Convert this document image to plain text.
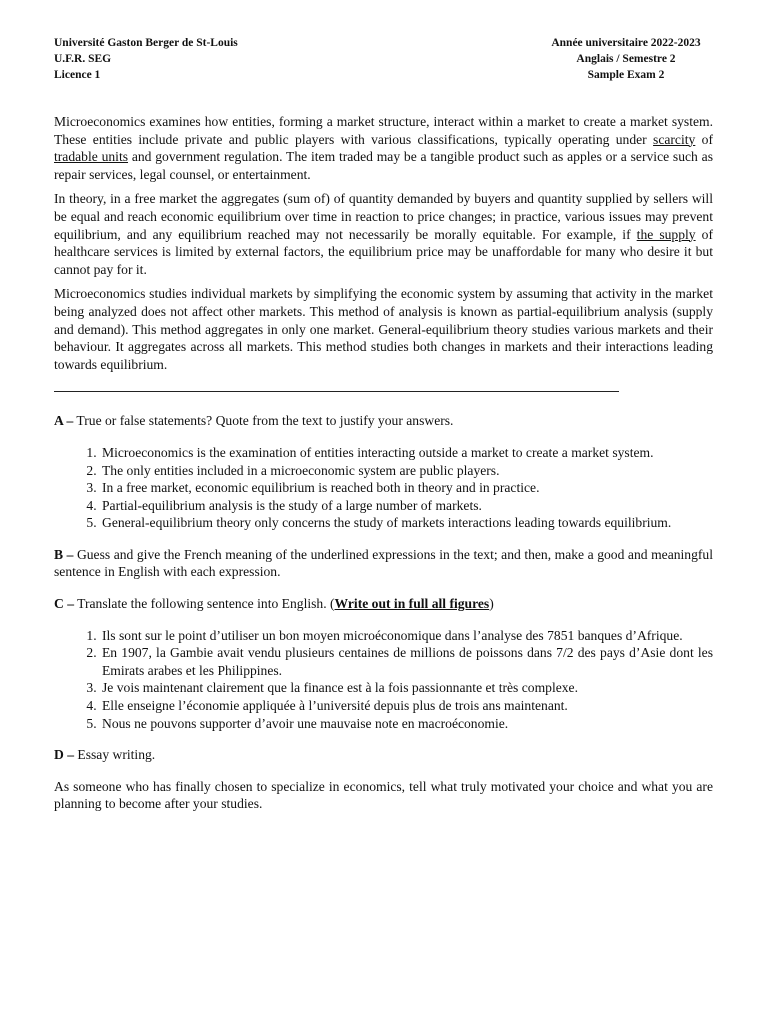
Université Gaston Berger de St-Louis	Année universitaire 2022-2023
U.F.R. SEG	Anglais / Semestre 2
Licence 1	Sample Exam 2

Microeconomics examines how entities, forming a market structure, interact within a market to create a market system. These entities include private and public players with various classifications, typically operating under scarcity of tradable units and government regulation. The item traded may be a tangible product such as apples or a service such as repair services, legal counsel, or entertainment.

In theory, in a free market the aggregates (sum of) of quantity demanded by buyers and quantity supplied by sellers will be equal and reach economic equilibrium over time in reaction to price changes; in practice, various issues may prevent equilibrium, and any equilibrium reached may not necessarily be morally equitable. For example, if the supply of healthcare services is limited by external factors, the equilibrium price may be unaffordable for many who desire it but cannot pay for it.

Microeconomics studies individual markets by simplifying the economic system by assuming that activity in the market being analyzed does not affect other markets. This method of analysis is known as partial-equilibrium analysis (supply and demand). This method aggregates in only one market. General-equilibrium theory studies various markets and their behaviour. It aggregates across all markets. This method studies both changes in markets and their interactions leading towards equilibrium.

A – True or false statements? Quote from the text to justify your answers.
1. Microeconomics is the examination of entities interacting outside a market to create a market system.
2. The only entities included in a microeconomic system are public players.
3. In a free market, economic equilibrium is reached both in theory and in practice.
4. Partial-equilibrium analysis is the study of a large number of markets.
5. General-equilibrium theory only concerns the study of markets interactions leading towards equilibrium.
B – Guess and give the French meaning of the underlined expressions in the text; and then, make a good and meaningful sentence in English with each expression.
C – Translate the following sentence into English. (Write out in full all figures)
1. Ils sont sur le point d’utiliser un bon moyen microéconomique dans l’analyse des 7851 banques d’Afrique.
2. En 1907, la Gambie avait vendu plusieurs centaines de millions de poissons dans 7/2 des pays d’Asie dont les Emirats arabes et les Philippines.
3. Je vois maintenant clairement que la finance est à la fois passionnante et très complexe.
4. Elle enseigne l’économie appliquée à l’université depuis plus de trois ans maintenant.
5. Nous ne pouvons supporter d’avoir une mauvaise note en macroéconomie.
D – Essay writing.

As someone who has finally chosen to specialize in economics, tell what truly motivated your choice and what you are planning to become after your studies.
